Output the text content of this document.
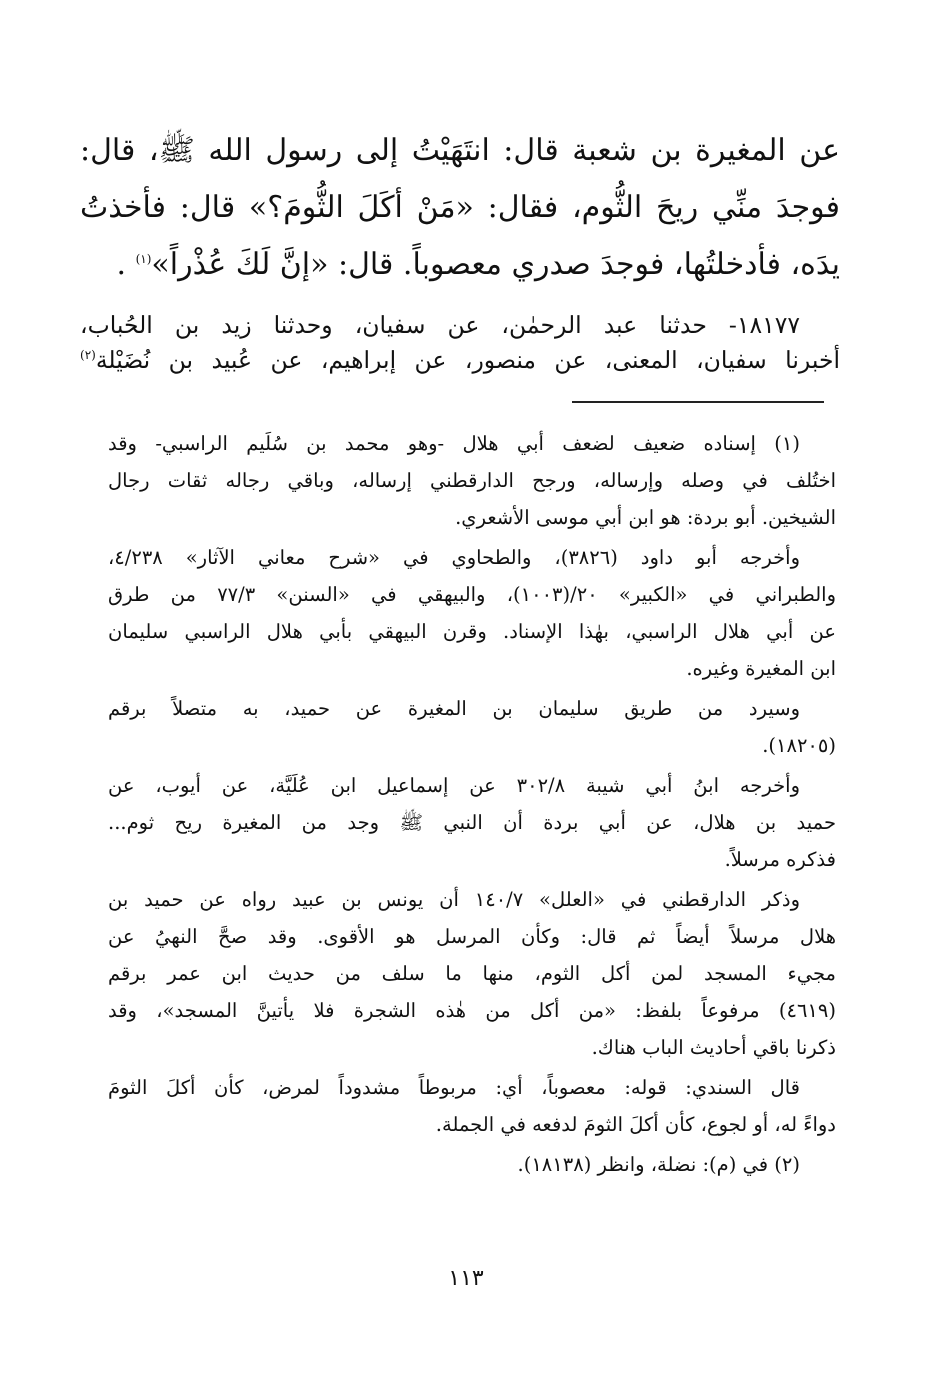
عن المغيرة بن شعبة قال: انتَهَيْتُ إلى رسول الله ﷺ، قال:
فوجدَ منِّي ريحَ الثُّوم، فقال: «مَنْ أكَلَ الثُّومَ؟» قال: فأخذتُ
يدَه، فأدخلتُها، فوجدَ صدري معصوباً. قال: «إنَّ لَكَ عُذْراً»$^{(١)}$ .
١٨١٧٧- حدثنا عبد الرحمٰن، عن سفيان، وحدثنا زيد بن الحُباب،
أخبرنا سفيان، المعنى، عن منصور، عن إبراهيم، عن عُبيد بن نُضَيْلة$^{(٢)}$
(١) إسناده ضعيف لضعف أبي هلال -وهو محمد بن سُلَيم الراسبي- وقد
اختُلف في وصله وإرساله، ورجح الدارقطني إرساله، وباقي رجاله ثقات رجال
الشيخين. أبو بردة: هو ابن أبي موسى الأشعري.
وأخرجه أبو داود (٣٨٢٦)، والطحاوي في «شرح معاني الآثار» ٤/٢٣٨،
والطبراني في «الكبير» ٢٠/(١٠٠٣)، والبيهقي في «السنن» ٧٧/٣ من طرق
عن أبي هلال الراسبي، بهٰذا الإسناد. وقرن البيهقي بأبي هلال الراسبي سليمان
ابن المغيرة وغيره.
وسيرد من طريق سليمان بن المغيرة عن حميد، به متصلاً برقم
(١٨٢٠٥).
وأخرجه ابنُ أبي شيبة ٣٠٢/٨ عن إسماعيل ابن عُلَيَّة، عن أيوب، عن
حميد بن هلال، عن أبي بردة أن النبي ﷺ وجد من المغيرة ريح ثوم...
فذكره مرسلاً.
وذكر الدارقطني في «العلل» ١٤٠/٧ أن يونس بن عبيد رواه عن حميد بن
هلال مرسلاً أيضاً ثم قال: وكأن المرسل هو الأقوى. وقد صحَّ النهيُ عن
مجيء المسجد لمن أكل الثوم، منها ما سلف من حديث ابن عمر برقم
(٤٦١٩) مرفوعاً بلفظ: «من أكل من هٰذه الشجرة فلا يأتينَّ المسجد»، وقد
ذكرنا باقي أحاديث الباب هناك.
قال السندي: قوله: معصوباً، أي: مربوطاً مشدوداً لمرض، كأن أكلَ الثومَ
دواءً له، أو لجوع، كأن أكلَ الثومَ لدفعه في الجملة.
(٢) في (م): نضلة، وانظر (١٨١٣٨).
١١٣
